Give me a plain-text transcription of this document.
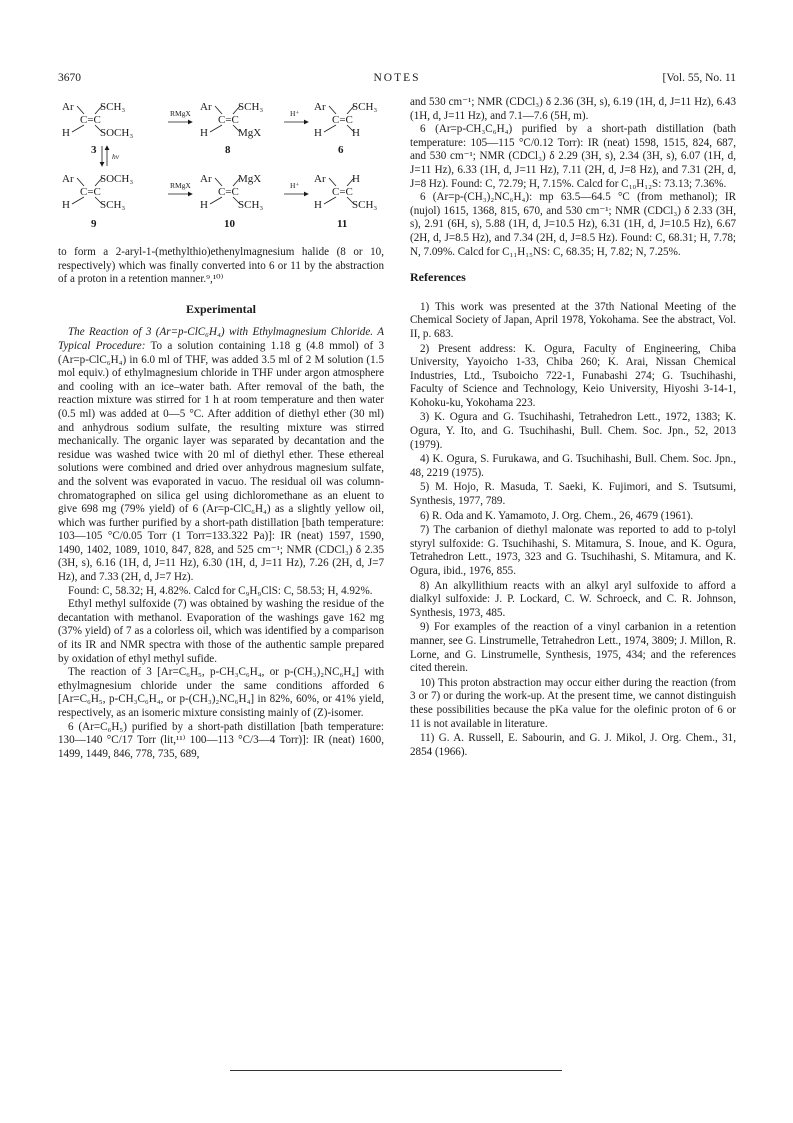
3670	NOTES	[Vol. 55, No. 11
Ar SCH₃
C=C
H	SOCH₃
3
RMgX
Ar SCH₃
C=C
H	MgX
8
H⁺
Ar SCH₃
C=C
H	H
6
hν
Ar SOCH₃
C=C
H	SCH₃
9
RMgX
Ar MgX
C=C
H	SCH₃
10
H⁺
Ar H
C=C
H	SCH₃
11

to form a 2-aryl-1-(methylthio)ethenylmagnesium halide (8 or 10, respectively) which was finally converted into 6 or 11 by the abstraction of a proton in a retention manner.⁹,¹⁰⁾

Experimental

The Reaction of 3 (Ar=p-ClC₆H₄) with Ethylmagnesium Chloride. A Typical Procedure: To a solution containing 1.18 g (4.8 mmol) of 3 (Ar=p-ClC₆H₄) in 6.0 ml of THF, was added 3.5 ml of 2 M solution (1.5 mol equiv.) of ethylmagnesium chloride in THF under argon atmosphere and cooling with an ice–water bath. After removal of the bath, the reaction mixture was stirred for 1 h at room temperature and then water (0.5 ml) was added at 0—5 °C. After addition of diethyl ether (30 ml) and anhydrous sodium sulfate, the resulting mixture was stirred mechanically. The organic layer was separated by decantation and the residue was washed twice with 20 ml of diethyl ether. These ethereal solutions were combined and dried over anhydrous magnesium sulfate, and the solvent was evaporated in vacuo. The residual oil was column-chromatographed on silica gel using dichloromethane as an eluent to give 698 mg (79% yield) of 6 (Ar=p-ClC₆H₄) as a slightly yellow oil, which was further purified by a short-path distillation [bath temperature: 103—105 °C/0.05 Torr (1 Torr=133.322 Pa)]: IR (neat) 1597, 1590, 1490, 1402, 1089, 1010, 847, 828, and 525 cm⁻¹; NMR (CDCl₃) δ 2.35 (3H, s), 6.16 (1H, d, J=11 Hz), 6.30 (1H, d, J=11 Hz), 7.26 (2H, d, J=7 Hz), and 7.33 (2H, d, J=7 Hz).

Found: C, 58.32; H, 4.82%. Calcd for C₉H₉ClS: C, 58.53; H, 4.92%.

Ethyl methyl sulfoxide (7) was obtained by washing the residue of the decantation with methanol. Evaporation of the washings gave 162 mg (37% yield) of 7 as a colorless oil, which was identified by a comparison of its IR and NMR spectra with those of the authentic sample prepared by oxidation of ethyl methyl sufide.

The reaction of 3 [Ar=C₆H₅, p-CH₃C₆H₄, or p-(CH₃)₂NC₆H₄] with ethylmagnesium chloride under the same conditions afforded 6 [Ar=C₆H₅, p-CH₃C₆H₄, or p-(CH₃)₂NC₆H₄] in 82%, 60%, or 41% yield, respectively, as an isomeric mixture consisting mainly of (Z)-isomer.

6 (Ar=C₆H₅) purified by a short-path distillation [bath temperature: 130—140 °C/17 Torr (lit,¹¹⁾ 100—113 °C/3—4 Torr)]: IR (neat) 1600, 1499, 1449, 846, 778, 735, 689,

and 530 cm⁻¹; NMR (CDCl₃) δ 2.36 (3H, s), 6.19 (1H, d, J=11 Hz), 6.43 (1H, d, J=11 Hz), and 7.1—7.6 (5H, m).

6 (Ar=p-CH₃C₆H₄) purified by a short-path distillation (bath temperature: 105—115 °C/0.12 Torr): IR (neat) 1598, 1515, 824, 687, and 530 cm⁻¹; NMR (CDCl₃) δ 2.29 (3H, s), 2.34 (3H, s), 6.07 (1H, d, J=11 Hz), 6.33 (1H, d, J=11 Hz), 7.11 (2H, d, J=8 Hz), and 7.31 (2H, d, J=8 Hz). Found: C, 72.79; H, 7.15%. Calcd for C₁₀H₁₂S: 73.13; 7.36%.

6 (Ar=p-(CH₃)₂NC₆H₄): mp 63.5—64.5 °C (from methanol); IR (nujol) 1615, 1368, 815, 670, and 530 cm⁻¹; NMR (CDCl₃) δ 2.33 (3H, s), 2.91 (6H, s), 5.88 (1H, d, J=10.5 Hz), 6.31 (1H, d, J=10.5 Hz), 6.67 (2H, d, J=8.5 Hz), and 7.34 (2H, d, J=8.5 Hz). Found: C, 68.31; H, 7.78; N, 7.09%. Calcd for C₁₁H₁₅NS: C, 68.35; H, 7.82; N, 7.25%.

References

1) This work was presented at the 37th National Meeting of the Chemical Society of Japan, April 1978, Yokohama. See the abstract, Vol. II, p. 683.

2) Present address: K. Ogura, Faculty of Engineering, Chiba University, Yayoicho 1-33, Chiba 260; K. Arai, Nissan Chemical Industries, Ltd., Tsuboicho 722-1, Funabashi 274; G. Tsuchihashi, Faculty of Science and Technology, Keio University, Hiyoshi 3-14-1, Kohoku-ku, Yokohama 223.

3) K. Ogura and G. Tsuchihashi, Tetrahedron Lett., 1972, 1383; K. Ogura, Y. Ito, and G. Tsuchihashi, Bull. Chem. Soc. Jpn., 52, 2013 (1979).

4) K. Ogura, S. Furukawa, and G. Tsuchihashi, Bull. Chem. Soc. Jpn., 48, 2219 (1975).

5) M. Hojo, R. Masuda, T. Saeki, K. Fujimori, and S. Tsutsumi, Synthesis, 1977, 789.

6) R. Oda and K. Yamamoto, J. Org. Chem., 26, 4679 (1961).

7) The carbanion of diethyl malonate was reported to add to p-tolyl styryl sulfoxide: G. Tsuchihashi, S. Mitamura, S. Inoue, and K. Ogura, Tetrahedron Lett., 1973, 323 and G. Tsuchihashi, S. Mitamura, and K. Ogura, ibid., 1976, 855.

8) An alkyllithium reacts with an alkyl aryl sulfoxide to afford a dialkyl sulfoxide: J. P. Lockard, C. W. Schroeck, and C. R. Johnson, Synthesis, 1973, 485.

9) For examples of the reaction of a vinyl carbanion in a retention manner, see G. Linstrumelle, Tetrahedron Lett., 1974, 3809; J. Millon, R. Lorne, and G. Linstrumelle, Synthesis, 1975, 434; and the references cited therein.

10) This proton abstraction may occur either during the reaction (from 3 or 7) or during the work-up. At the present time, we cannot distinguish these possibilities because the pKa value for the olefinic proton of 6 or 11 is not available in literature.

11) G. A. Russell, E. Sabourin, and G. J. Mikol, J. Org. Chem., 31, 2854 (1966).
